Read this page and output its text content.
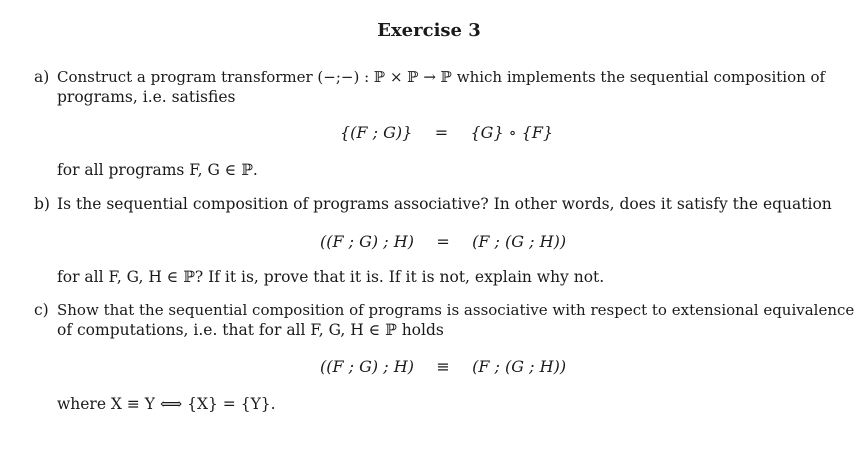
Exercise 3
a) Construct a program transformer (−;−) : ℙ × ℙ → ℙ which implements the sequential composition of
programs, i.e. satisfies
{(F ; G)} = {G} ∘ {F}
for all programs F, G ∈ ℙ.
b) Is the sequential composition of programs associative? In other words, does it satisfy the equation
((F ; G) ; H) = (F ; (G ; H))
for all F, G, H ∈ ℙ? If it is, prove that it is. If it is not, explain why not.
c) Show that the sequential composition of programs is associative with respect to extensional equivalence
of computations, i.e. that for all F, G, H ∈ ℙ holds
((F ; G) ; H) ≡ (F ; (G ; H))
where X ≡ Y ⟺ {X} = {Y}.
